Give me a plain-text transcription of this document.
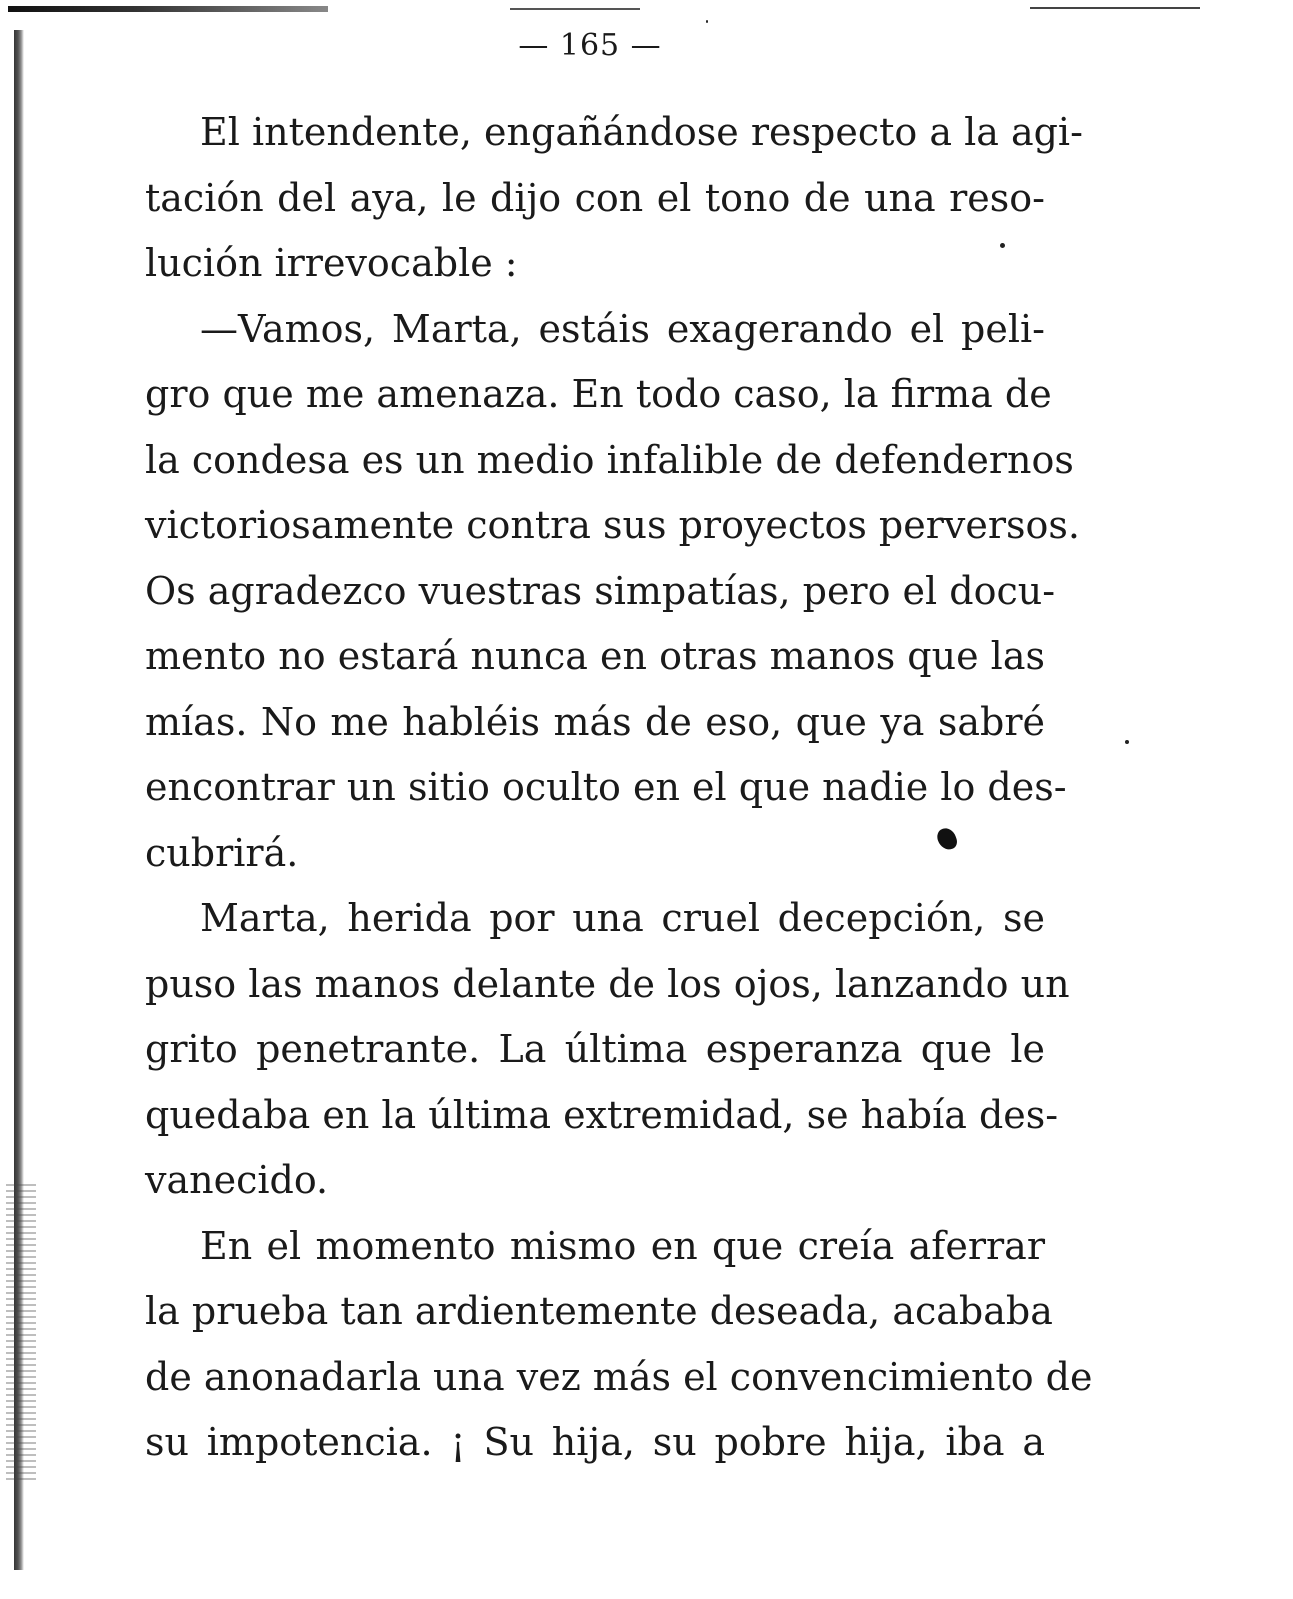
— 165 —
El intendente, engañándose respecto a la agi-
tación del aya, le dijo con el tono de una reso-
lución irrevocable :
—Vamos, Marta, estáis exagerando el peli-
gro que me amenaza. En todo caso, la firma de
la condesa es un medio infalible de defendernos
victoriosamente contra sus proyectos perversos.
Os agradezco vuestras simpatías, pero el docu-
mento no estará nunca en otras manos que las
mías. No me habléis más de eso, que ya sabré
encontrar un sitio oculto en el que nadie lo des-
cubrirá.
Marta, herida por una cruel decepción, se
puso las manos delante de los ojos, lanzando un
grito penetrante. La última esperanza que le
quedaba en la última extremidad, se había des-
vanecido.
En el momento mismo en que creía aferrar
la prueba tan ardientemente deseada, acababa
de anonadarla una vez más el convencimiento de
su impotencia. ¡ Su hija, su pobre hija, iba a
